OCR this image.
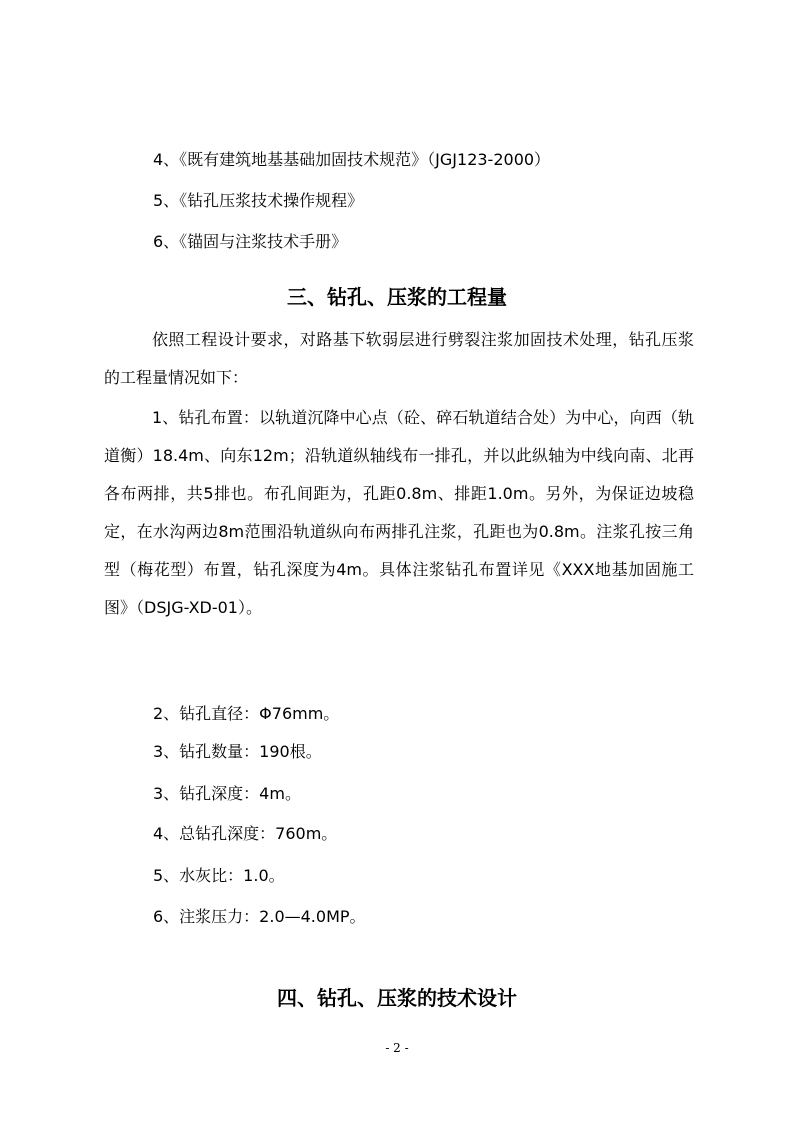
4、《既有建筑地基基础加固技术规范》（JGJ123-2000）
5、《钻孔压浆技术操作规程》
6、《锚固与注浆技术手册》
三、钻孔、压浆的工程量

依照工程设计要求，对路基下软弱层进行劈裂注浆加固技术处理，钻孔压浆的工程量情况如下：

1、钻孔布置：以轨道沉降中心点（砼、碎石轨道结合处）为中心，向西（轨道衡）18.4m、向东12m；沿轨道纵轴线布一排孔，并以此纵轴为中线向南、北再各布两排，共5排也。布孔间距为，孔距0.8m、排距1.0m。另外，为保证边坡稳定，在水沟两边8m范围沿轨道纵向布两排孔注浆，孔距也为0.8m。注浆孔按三角型（梅花型）布置，钻孔深度为4m。具体注浆钻孔布置详见《XXX地基加固施工图》（DSJG-XD-01）。

2、钻孔直径：Φ76mm。
3、钻孔数量：190根。
3、钻孔深度：4m。
4、总钻孔深度：760m。
5、水灰比：1.0。
6、注浆压力：2.0—4.0MP。
四、钻孔、压浆的技术设计
- 2 -
